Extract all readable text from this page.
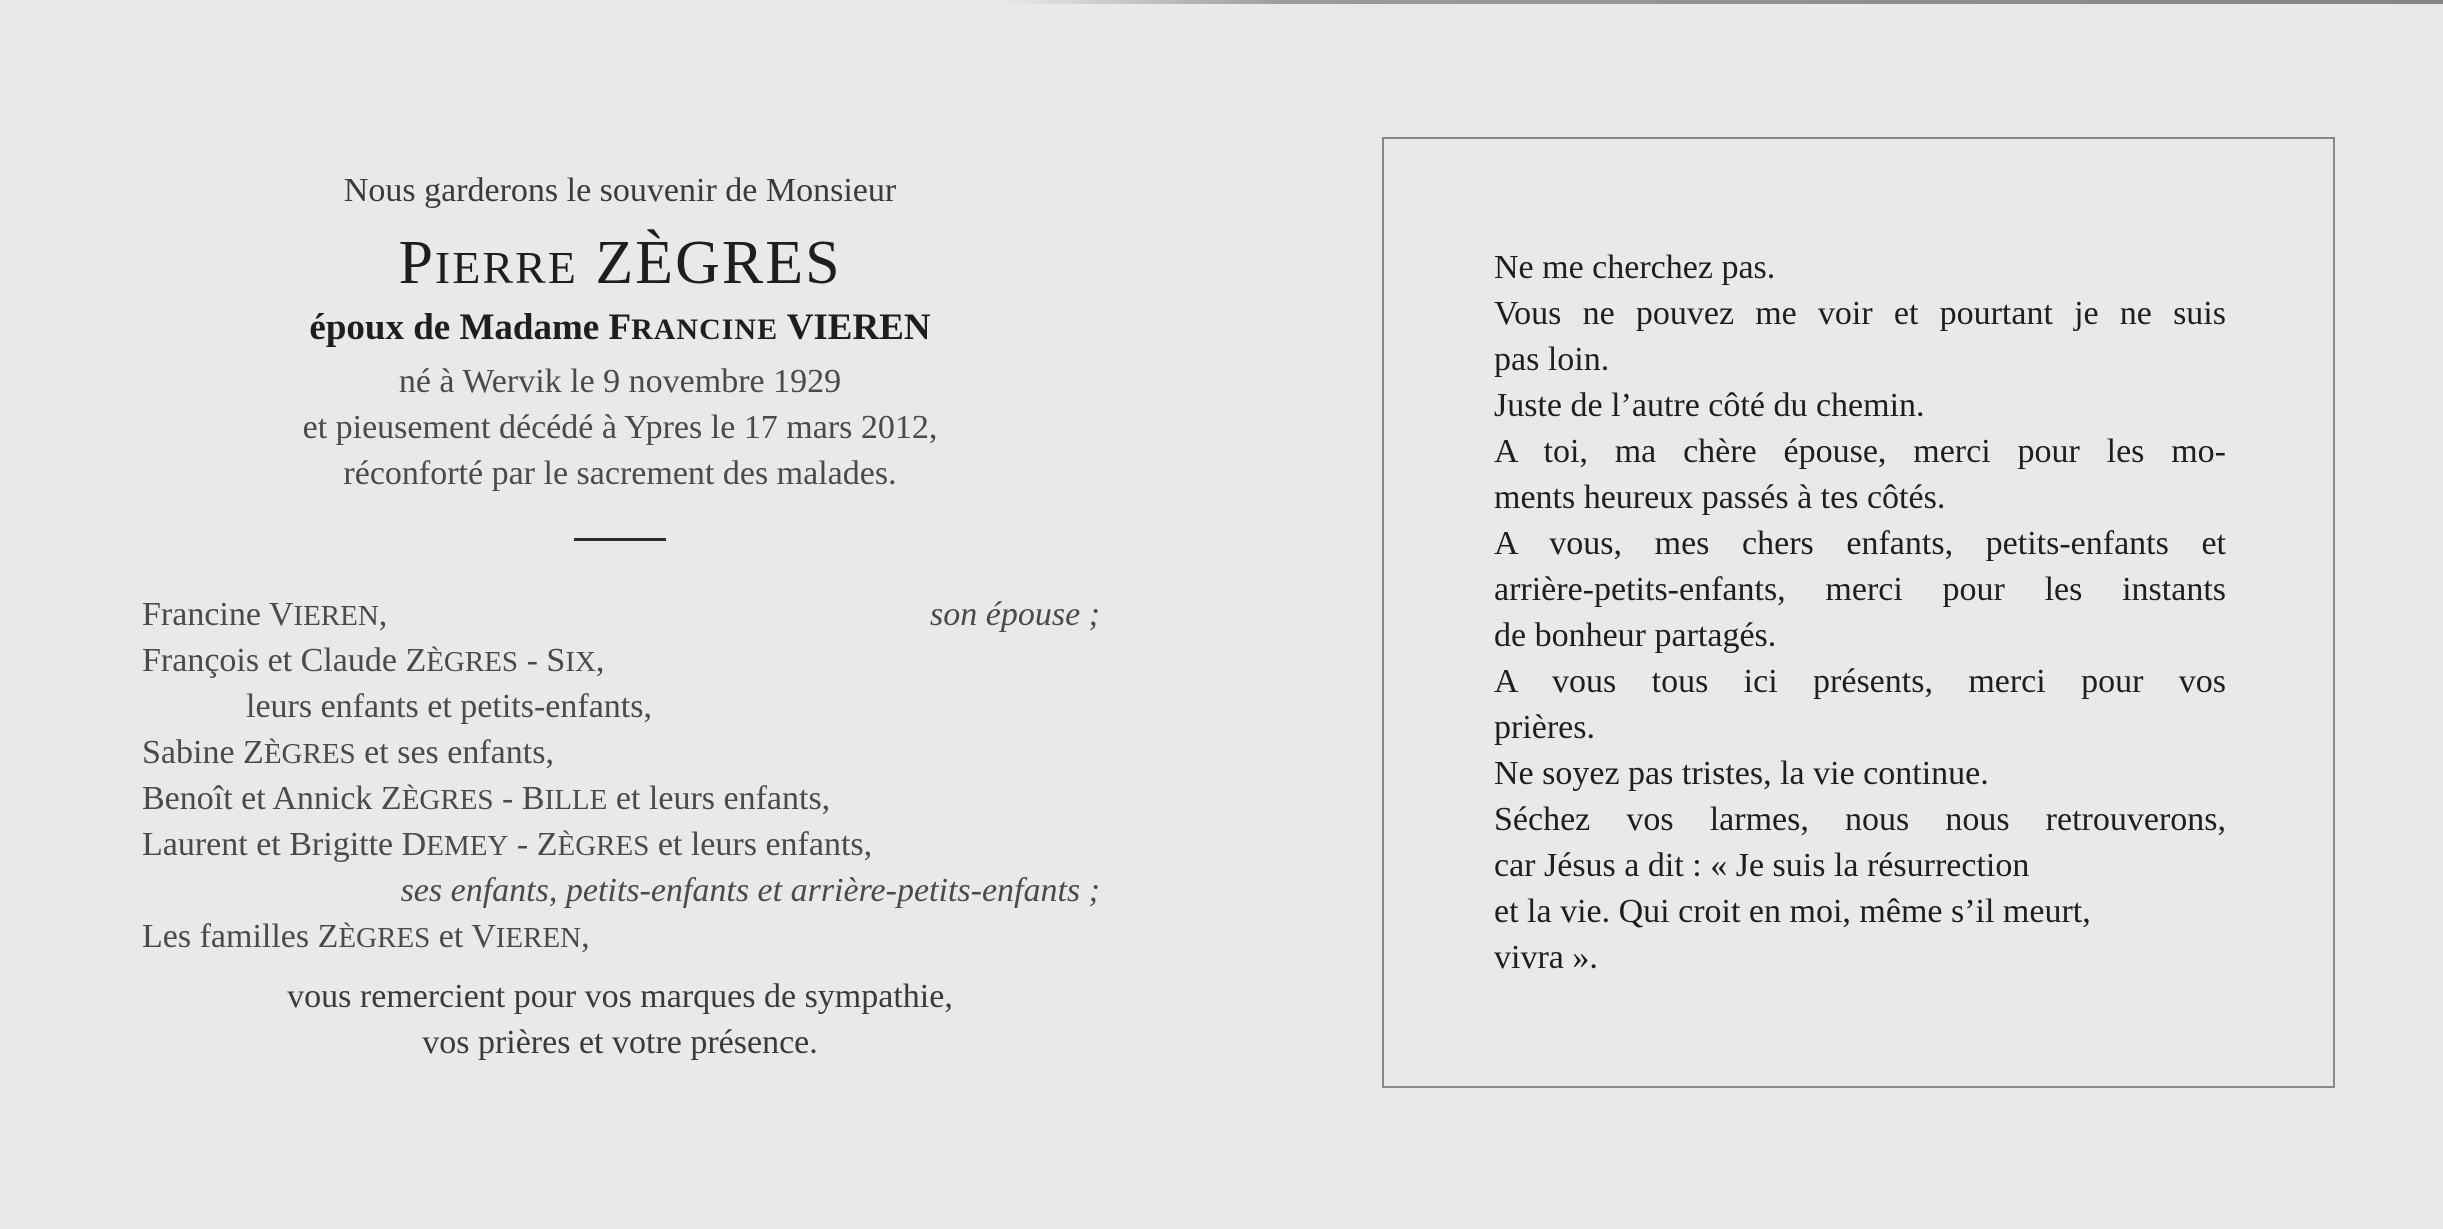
Nous garderons le souvenir de Monsieur
PIERRE ZÈGRES
époux de Madame FRANCINE VIEREN
né à Wervik le 9 novembre 1929
et pieusement décédé à Ypres le 17 mars 2012,
réconforté par le sacrement des malades.
Francine VIEREN,	son épouse ;
François et Claude ZÈGRES - SIX,
leurs enfants et petits-enfants,
Sabine ZÈGRES et ses enfants,
Benoît et Annick ZÈGRES - BILLE et leurs enfants,
Laurent et Brigitte DEMEY - ZÈGRES et leurs enfants,
ses enfants, petits-enfants et arrière-petits-enfants ;
Les familles ZÈGRES et VIEREN,
vous remercient pour vos marques de sympathie,
vos prières et votre présence.
Ne me cherchez pas.
Vous ne pouvez me voir et pourtant je ne suis
pas loin.
Juste de l’autre côté du chemin.
A toi, ma chère épouse, merci pour les mo-
ments heureux passés à tes côtés.
A vous, mes chers enfants, petits-enfants et
arrière-petits-enfants, merci pour les instants
de bonheur partagés.
A vous tous ici présents, merci pour vos
prières.
Ne soyez pas tristes, la vie continue.
Séchez vos larmes, nous nous retrouverons,
car Jésus a dit : « Je suis la résurrection
et la vie. Qui croit en moi, même s’il meurt,
vivra ».
